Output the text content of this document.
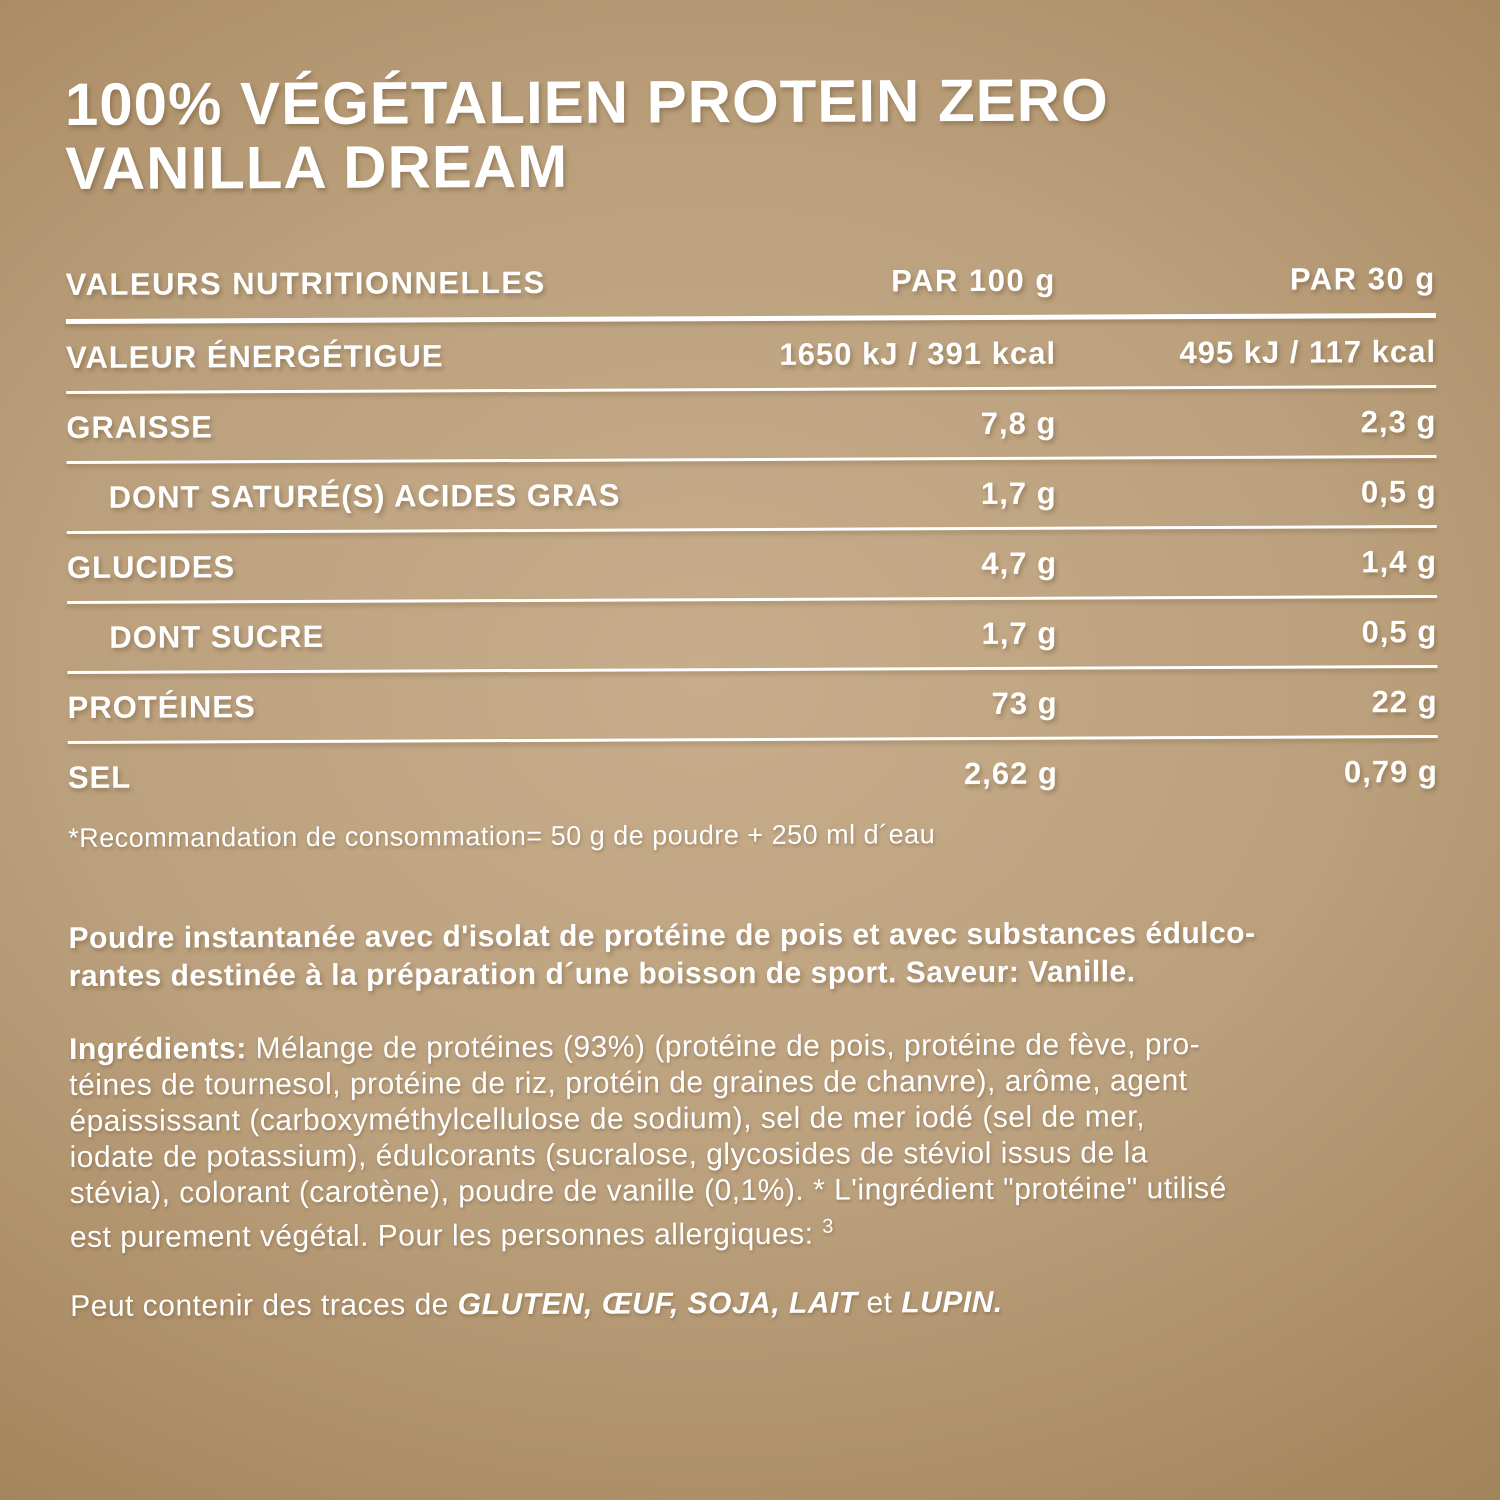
100% VÉGÉTALIEN PROTEIN ZERO
VANILLA DREAM
VALEURS NUTRITIONNELLES	PAR 100 g	PAR 30 g
VALEUR ÉNERGÉTIGUE	1650 kJ / 391 kcal	495 kJ / 117 kcal
GRAISSE	7,8 g	2,3 g
DONT SATURÉ(S) ACIDES GRAS	1,7 g	0,5 g
GLUCIDES	4,7 g	1,4 g
DONT SUCRE	1,7 g	0,5 g
PROTÉINES	73 g	22 g
SEL	2,62 g	0,79 g

*Recommandation de consommation= 50 g de poudre + 250 ml d´eau

Poudre instantanée avec d'isolat de protéine de pois et avec substances édulco-
rantes destinée à la préparation d´une boisson de sport. Saveur: Vanille.
Ingrédients: Mélange de protéines (93%) (protéine de pois, protéine de fève, pro-
téines de tournesol, protéine de riz, protéin de graines de chanvre), arôme, agent
épaississant (carboxyméthylcellulose de sodium), sel de mer iodé (sel de mer,
iodate de potassium), édulcorants (sucralose, glycosides de stéviol issus de la
stévia), colorant (carotène), poudre de vanille (0,1%). * L'ingrédient "protéine" utilisé
est purement végétal. Pour les personnes allergiques: $^3$
Peut contenir des traces de GLUTEN, ŒUF, SOJA, LAIT et LUPIN.
